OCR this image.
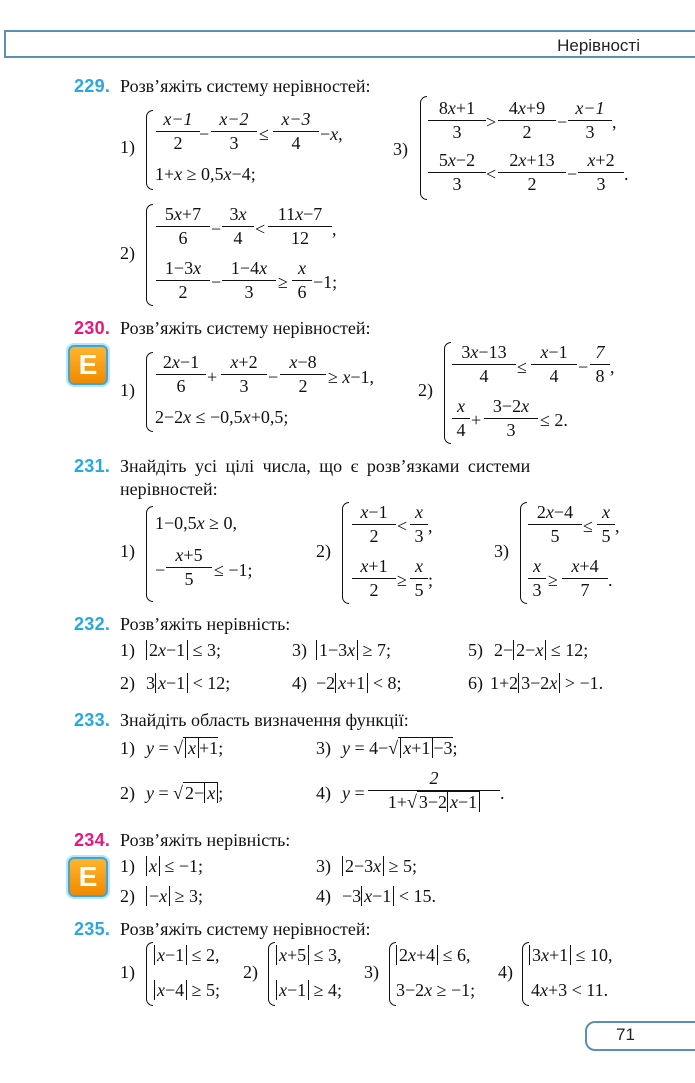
Нерівності
229. Розв’яжіть систему нерівностей:
1)
x−1
2 −
x−2
3	≤
x−3
4	−x,
1+x ≥ 0,5x−4;
3)
8x+1
3	>
4x+9
2	−
x−1
3 ,
5x−2
3	<
2x+13
2	−
x+2
3	.
2)
5x+7
6	−
3x
4 <
11x−7
12	,
1−3x
2	−
1−4x
3	≥
x
6 −1;
230. Розв’яжіть систему нерівностей:
E
1)
2x−1
6	+
x+2
3	−
x−8
2	≥ x−1,
2−2x ≤ −0,5x+0,5;
2)
3x−13
4	≤
x−1
4	−
7
8 ,
x
4 +
3−2x
3	≤ 2.
231. Знайдіть усі цілі числа, що є розв’язками системи
нерівностей:
1)
1−0,5x ≥ 0,
−
x+5
5	≤ −1;
2)
x−1
2	<
x
3 ,
x+1
2	≥
x
5 ;
3)
2x−4
5	≤
x
5 ,
x
3 ≥
x+4
7	.
232. Розв’яжіть нерівність:
1) 2x−1 ≤ 3;	3) 1−3x ≥ 7;	5) 2− 2−x ≤ 12;
2) 3 x−1 < 12;	4) −2 x+1 < 8;	6) 1+2 3−2x > −1.
233. Знайдіть область визначення функції:
1) y = √ x +1;	3) y = 4−√ x+1 −3;
2) y = √ 2− x ;	4) y =
2
1+√ 3−2 x−1	.
234. Розв’яжіть нерівність:
E	1) x ≤ −1;	3) 2−3x ≥ 5;
2) −x ≥ 3;	4) −3 x−1 < 15.
235. Розв’яжіть систему нерівностей:
1)
x−1 ≤ 2,
x−4 ≥ 5;
2)
x+5 ≤ 3,
x−1 ≥ 4;
3)
2x+4 ≤ 6,
3−2x ≥ −1;
4)
3x+1 ≤ 10,
4x+3 < 11.
71
